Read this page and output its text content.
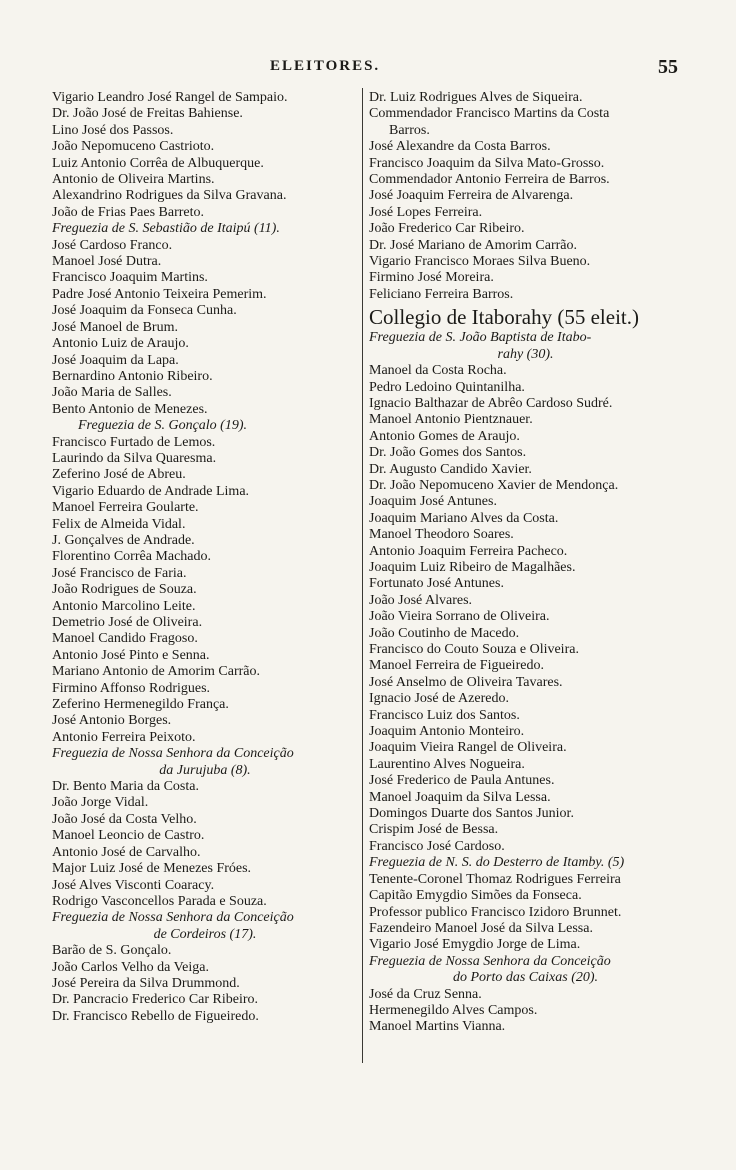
ELEITORES.	55
Vigario Leandro José Rangel de Sampaio.
Dr. João José de Freitas Bahiense.
Lino José dos Passos.
João Nepomuceno Castrioto.
Luiz Antonio Corrêa de Albuquerque.
Antonio de Oliveira Martins.
Alexandrino Rodrigues da Silva Gravana.
João de Frias Paes Barreto.
Freguezia de S. Sebastião de Itaipú (11).
José Cardoso Franco.
Manoel José Dutra.
Francisco Joaquim Martins.
Padre José Antonio Teixeira Pemerim.
José Joaquim da Fonseca Cunha.
José Manoel de Brum.
Antonio Luiz de Araujo.
José Joaquim da Lapa.
Bernardino Antonio Ribeiro.
João Maria de Salles.
Bento Antonio de Menezes.
Freguezia de S. Gonçalo (19).
Francisco Furtado de Lemos.
Laurindo da Silva Quaresma.
Zeferino José de Abreu.
Vigario Eduardo de Andrade Lima.
Manoel Ferreira Goularte.
Felix de Almeida Vidal.
J. Gonçalves de Andrade.
Florentino Corrêa Machado.
José Francisco de Faria.
João Rodrigues de Souza.
Antonio Marcolino Leite.
Demetrio José de Oliveira.
Manoel Candido Fragoso.
Antonio José Pinto e Senna.
Mariano Antonio de Amorim Carrão.
Firmino Affonso Rodrigues.
Zeferino Hermenegildo França.
José Antonio Borges.
Antonio Ferreira Peixoto.
Freguezia de Nossa Senhora da Conceição
da Jurujuba (8).
Dr. Bento Maria da Costa.
João Jorge Vidal.
João José da Costa Velho.
Manoel Leoncio de Castro.
Antonio José de Carvalho.
Major Luiz José de Menezes Fróes.
José Alves Visconti Coaracy.
Rodrigo Vasconcellos Parada e Souza.
Freguezia de Nossa Senhora da Conceição
de Cordeiros (17).
Barão de S. Gonçalo.
João Carlos Velho da Veiga.
José Pereira da Silva Drummond.
Dr. Pancracio Frederico Car Ribeiro.
Dr. Francisco Rebello de Figueiredo.
Dr. Luiz Rodrigues Alves de Siqueira.
Commendador Francisco Martins da Costa
Barros.
José Alexandre da Costa Barros.
Francisco Joaquim da Silva Mato-Grosso.
Commendador Antonio Ferreira de Barros.
José Joaquim Ferreira de Alvarenga.
José Lopes Ferreira.
João Frederico Car Ribeiro.
Dr. José Mariano de Amorim Carrão.
Vigario Francisco Moraes Silva Bueno.
Firmino José Moreira.
Feliciano Ferreira Barros.
Collegio de Itaborahy (55 eleit.)
Freguezia de S. João Baptista de Itabo-
rahy (30).
Manoel da Costa Rocha.
Pedro Ledoino Quintanilha.
Ignacio Balthazar de Abrêo Cardoso Sudré.
Manoel Antonio Pientznauer.
Antonio Gomes de Araujo.
Dr. João Gomes dos Santos.
Dr. Augusto Candido Xavier.
Dr. João Nepomuceno Xavier de Mendonça.
Joaquim José Antunes.
Joaquim Mariano Alves da Costa.
Manoel Theodoro Soares.
Antonio Joaquim Ferreira Pacheco.
Joaquim Luiz Ribeiro de Magalhães.
Fortunato José Antunes.
João José Alvares.
João Vieira Sorrano de Oliveira.
João Coutinho de Macedo.
Francisco do Couto Souza e Oliveira.
Manoel Ferreira de Figueiredo.
José Anselmo de Oliveira Tavares.
Ignacio José de Azeredo.
Francisco Luiz dos Santos.
Joaquim Antonio Monteiro.
Joaquim Vieira Rangel de Oliveira.
Laurentino Alves Nogueira.
José Frederico de Paula Antunes.
Manoel Joaquim da Silva Lessa.
Domingos Duarte dos Santos Junior.
Crispim José de Bessa.
Francisco José Cardoso.
Freguezia de N. S. do Desterro de Itamby. (5)
Tenente-Coronel Thomaz Rodrigues Ferreira
Capitão Emygdio Simões da Fonseca.
Professor publico Francisco Izidoro Brunnet.
Fazendeiro Manoel José da Silva Lessa.
Vigario José Emygdio Jorge de Lima.
Freguezia de Nossa Senhora da Conceição
do Porto das Caixas (20).
José da Cruz Senna.
Hermenegildo Alves Campos.
Manoel Martins Vianna.
